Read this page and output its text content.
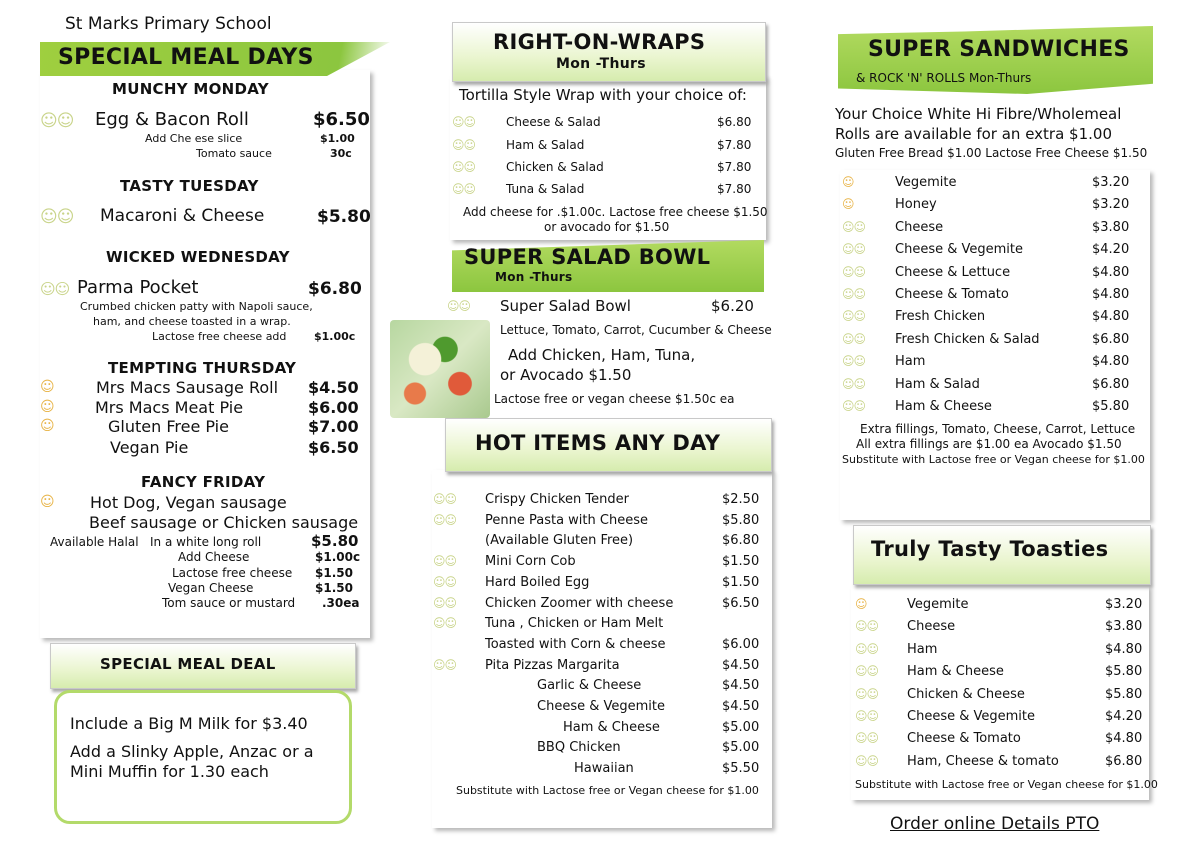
St Marks Primary School
SPECIAL MEAL DAYS
MUNCHY MONDAY
☺☺ Egg & Bacon Roll	$6.50
Add Che ese slice	$1.00
Tomato sauce	30c
TASTY TUESDAY
☺☺ Macaroni & Cheese	$5.80
WICKED WEDNESDAY
☺☺ Parma Pocket	$6.80
Crumbed chicken patty with Napoli sauce,
ham, and cheese toasted in a wrap.
Lactose free cheese add	$1.00c
TEMPTING THURSDAY
☺	Mrs Macs Sausage Roll $4.50
☺	Mrs Macs Meat Pie	$6.00
☺	Gluten Free Pie	$7.00
Vegan Pie	$6.50
FANCY FRIDAY
☺ Hot Dog, Vegan sausage
Beef sausage or Chicken sausage
Available Halal In a white long roll	$5.80
Add Cheese	$1.00c
Lactose free cheese $1.50
Vegan Cheese	$1.50
Tom sauce or mustard .30ea
SPECIAL MEAL DEAL
Include a Big M Milk for $3.40
Add a Slinky Apple, Anzac or a
Mini Muffin for 1.30 each
RIGHT-ON-WRAPS
Mon -Thurs
Tortilla Style Wrap with your choice of:
☺☺	Cheese & Salad	$6.80
☺☺	Ham & Salad	$7.80
☺☺	Chicken & Salad	$7.80
☺☺	Tuna & Salad	$7.80
Add cheese for .$1.00c. Lactose free cheese $1.50
or avocado for $1.50
SUPER SALAD BOWL
Mon -Thurs
☺☺ Super Salad Bowl	$6.20
Lettuce, Tomato, Carrot, Cucumber & Cheese
Add Chicken, Ham, Tuna,
or Avocado $1.50
Lactose free or vegan cheese $1.50c ea
HOT ITEMS ANY DAY
☺☺ Crispy Chicken Tender	$2.50
☺☺ Penne Pasta with Cheese	$5.80
(Available Gluten Free)	$6.80
☺☺ Mini Corn Cob	$1.50
☺☺ Hard Boiled Egg	$1.50
☺☺ Chicken Zoomer with cheese	$6.50
☺☺ Tuna , Chicken or Ham Melt
Toasted with Corn & cheese	$6.00
☺☺ Pita Pizzas Margarita	$4.50
Garlic & Cheese	$4.50
Cheese & Vegemite	$4.50
Ham & Cheese	$5.00
BBQ Chicken	$5.00
Hawaiian	$5.50
Substitute with Lactose free or Vegan cheese for $1.00
SUPER SANDWICHES
& ROCK 'N' ROLLS Mon-Thurs
Your Choice White Hi Fibre/Wholemeal
Rolls are available for an extra $1.00
Gluten Free Bread $1.00 Lactose Free Cheese $1.50
☺	Vegemite	$3.20
☺	Honey	$3.20
☺☺ Cheese	$3.80
☺☺ Cheese & Vegemite	$4.20
☺☺ Cheese & Lettuce	$4.80
☺☺ Cheese & Tomato	$4.80
☺☺ Fresh Chicken	$4.80
☺☺ Fresh Chicken & Salad	$6.80
☺☺ Ham	$4.80
☺☺ Ham & Salad	$6.80
☺☺ Ham & Cheese	$5.80
Extra fillings, Tomato, Cheese, Carrot, Lettuce
All extra fillings are $1.00 ea Avocado $1.50
Substitute with Lactose free or Vegan cheese for $1.00
Truly Tasty Toasties
☺	Vegemite	$3.20
☺☺ Cheese	$3.80
☺☺ Ham	$4.80
☺☺ Ham & Cheese	$5.80
☺☺ Chicken & Cheese	$5.80
☺☺ Cheese & Vegemite	$4.20
☺☺ Cheese & Tomato	$4.80
☺☺ Ham, Cheese & tomato	$6.80
Substitute with Lactose free or Vegan cheese for $1.00
Order online Details PTO
